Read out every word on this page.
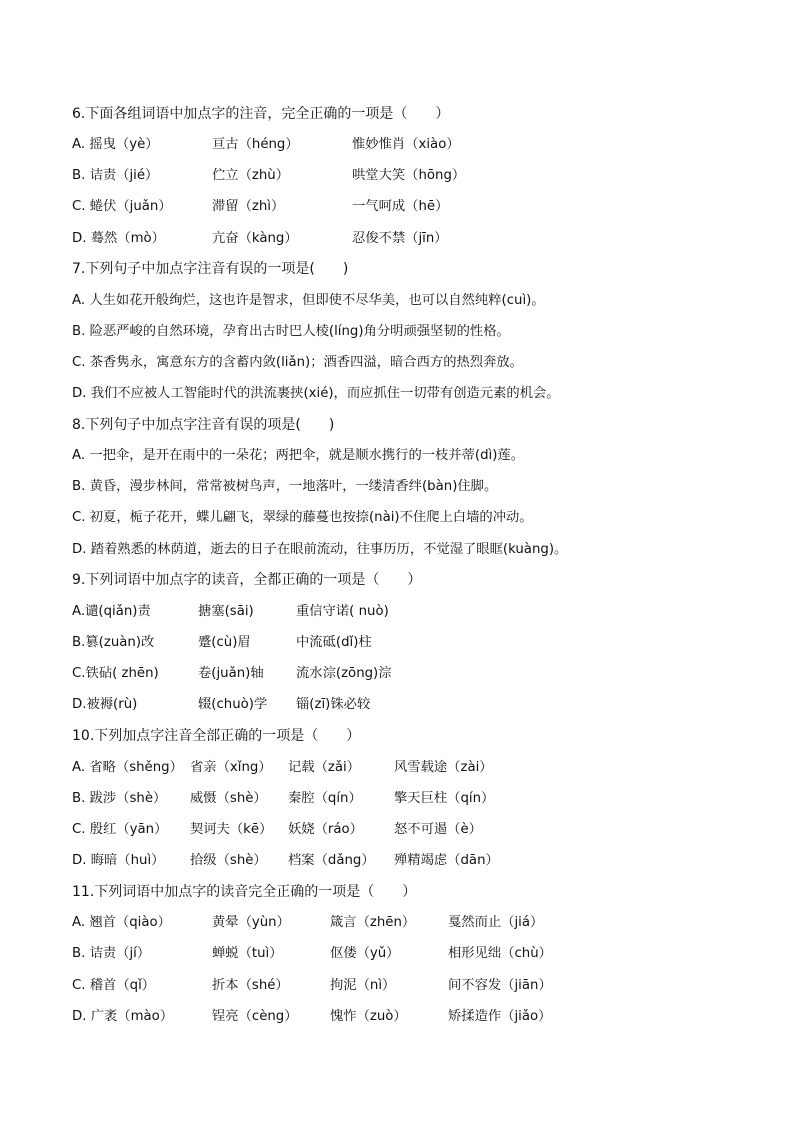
6.下面各组词语中加点字的注音，完全正确的一项是（　　）
A. 摇曳（yè）	亘古（héng）	惟妙惟肖（xiào）
B. 诘责（jié）	伫立（zhù）	哄堂大笑（hōng）
C. 蜷伏（juǎn）	滞留（zhì）	一气呵成（hē）
D. 蓦然（mò）	亢奋（kàng）	忍俊不禁（jīn）
7.下列句子中加点字注音有误的一项是(　　)
A. 人生如花开般绚烂，这也许是智求，但即使不尽华美，也可以自然纯粹(cuì)。
B. 险恶严峻的自然环境，孕育出古时巴人棱(líng)角分明顽强坚韧的性格。
C. 茶香隽永，寓意东方的含蓄内敛(liǎn)；酒香四溢，暗合西方的热烈奔放。
D. 我们不应被人工智能时代的洪流裹挟(xié)，而应抓住一切带有创造元素的机会。
8.下列句子中加点字注音有误的项是(　　)
A. 一把伞，是开在雨中的一朵花；两把伞，就是顺水携行的一枝并蒂(dì)莲。
B. 黄昏，漫步林间，常常被树鸟声，一地落叶，一缕清香绊(bàn)住脚。
C. 初夏，栀子花开，蝶儿翩飞，翠绿的藤蔓也按捺(nài)不住爬上白墙的冲动。
D. 踏着熟悉的林荫道，逝去的日子在眼前流动，往事历历，不觉湿了眼眶(kuàng)。
9.下列词语中加点字的读音，全都正确的一项是（　　）
A.谴(qiǎn)责	搪塞(sāi)	重信守诺( nuò)
B.篡(zuàn)改	蹙(cù)眉	中流砥(dǐ)柱
C.铁砧( zhēn)	卷(juǎn)轴 流水淙(zōng)淙
D.被褥(rù)	辍(chuò)学 锱(zī)铢必较
10.下列加点字注音全部正确的一项是（　　）
A. 省略（shěng） 省亲（xǐng） 记载（zǎi）	风雪载途（zài）
B. 跋涉（shè） 威慑（shè） 秦腔（qín） 擎天巨柱（qín）
C. 殷红（yān） 契诃夫（kē） 妖娆（ráo） 怒不可遏（è）
D. 晦暗（huì） 拾级（shè） 档案（dǎng） 殚精竭虑（dān）
11.下列词语中加点字的读音完全正确的一项是（　　）
A. 翘首（qiào）	黄晕（yùn）	箴言（zhēn） 戛然而止（jiá）
B. 诘责（jí）	蝉蜕（tuì）	伛偻（yǔ）	相形见绌（chù）
C. 稽首（qǐ）	折本（shé）	拘泥（nì）	间不容发（jiān）
D. 广袤（mào）	锃亮（cèng） 愧怍（zuò）	矫揉造作（jiǎo）
